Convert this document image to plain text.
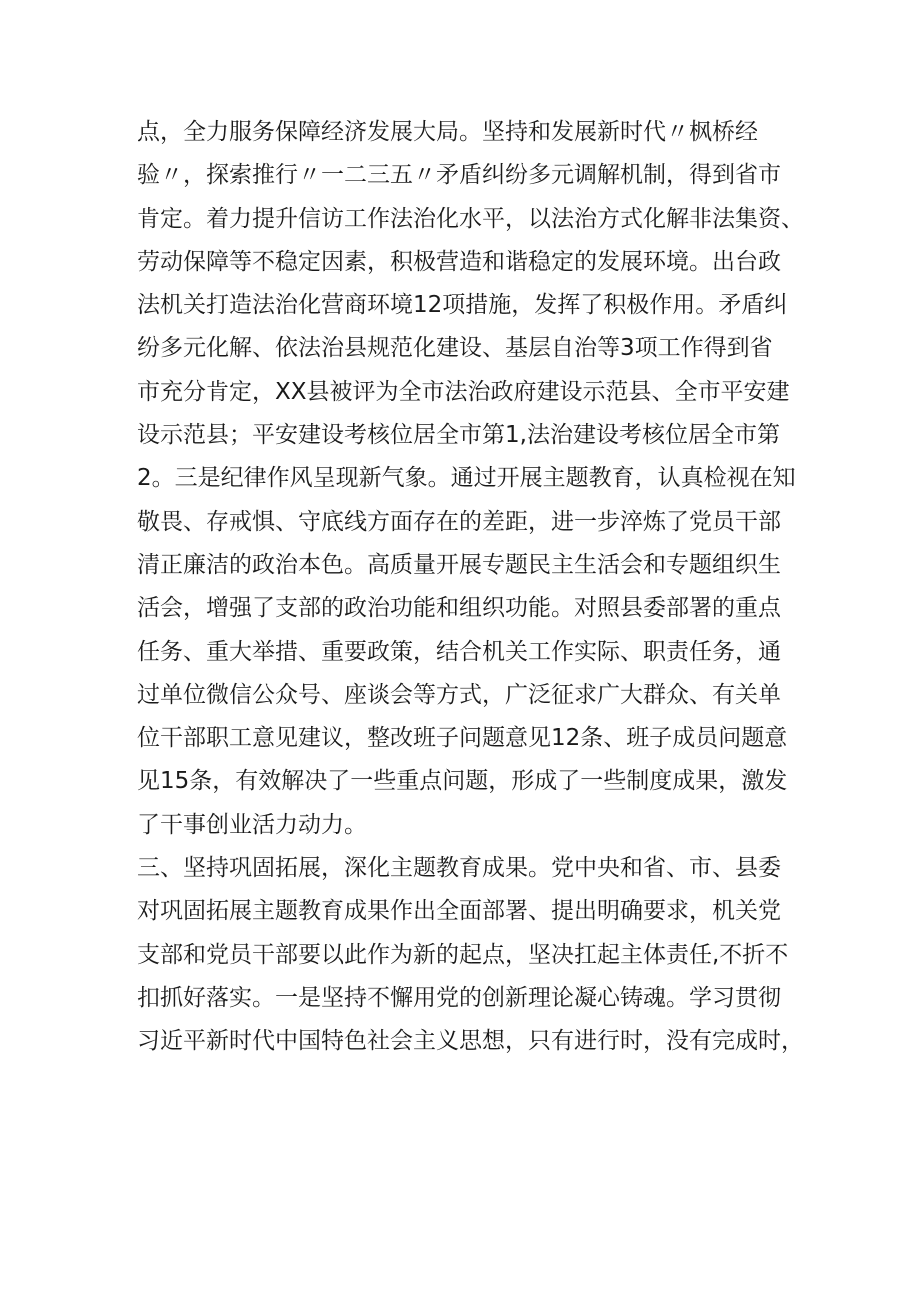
点，全力服务保障经济发展大局。坚持和发展新时代〃枫桥经
验〃，探索推行〃一二三五〃矛盾纠纷多元调解机制，得到省市
肯定。着力提升信访工作法治化水平，以法治方式化解非法集资、
劳动保障等不稳定因素，积极营造和谐稳定的发展环境。出台政
法机关打造法治化营商环境12项措施，发挥了积极作用。矛盾纠
纷多元化解、依法治县规范化建设、基层自治等3项工作得到省
市充分肯定，XX县被评为全市法治政府建设示范县、全市平安建
设示范县；平安建设考核位居全市第1,法治建设考核位居全市第
2。三是纪律作风呈现新气象。通过开展主题教育，认真检视在知
敬畏、存戒惧、守底线方面存在的差距，进一步淬炼了党员干部
清正廉洁的政治本色。高质量开展专题民主生活会和专题组织生
活会，增强了支部的政治功能和组织功能。对照县委部署的重点
任务、重大举措、重要政策，结合机关工作实际、职责任务，通
过单位微信公众号、座谈会等方式，广泛征求广大群众、有关单
位干部职工意见建议，整改班子问题意见12条、班子成员问题意
见15条，有效解决了一些重点问题，形成了一些制度成果，激发
了干事创业活力动力。
三、坚持巩固拓展，深化主题教育成果。党中央和省、市、县委
对巩固拓展主题教育成果作出全面部署、提出明确要求，机关党
支部和党员干部要以此作为新的起点，坚决扛起主体责任,不折不
扣抓好落实。一是坚持不懈用党的创新理论凝心铸魂。学习贯彻
习近平新时代中国特色社会主义思想，只有进行时，没有完成时，
